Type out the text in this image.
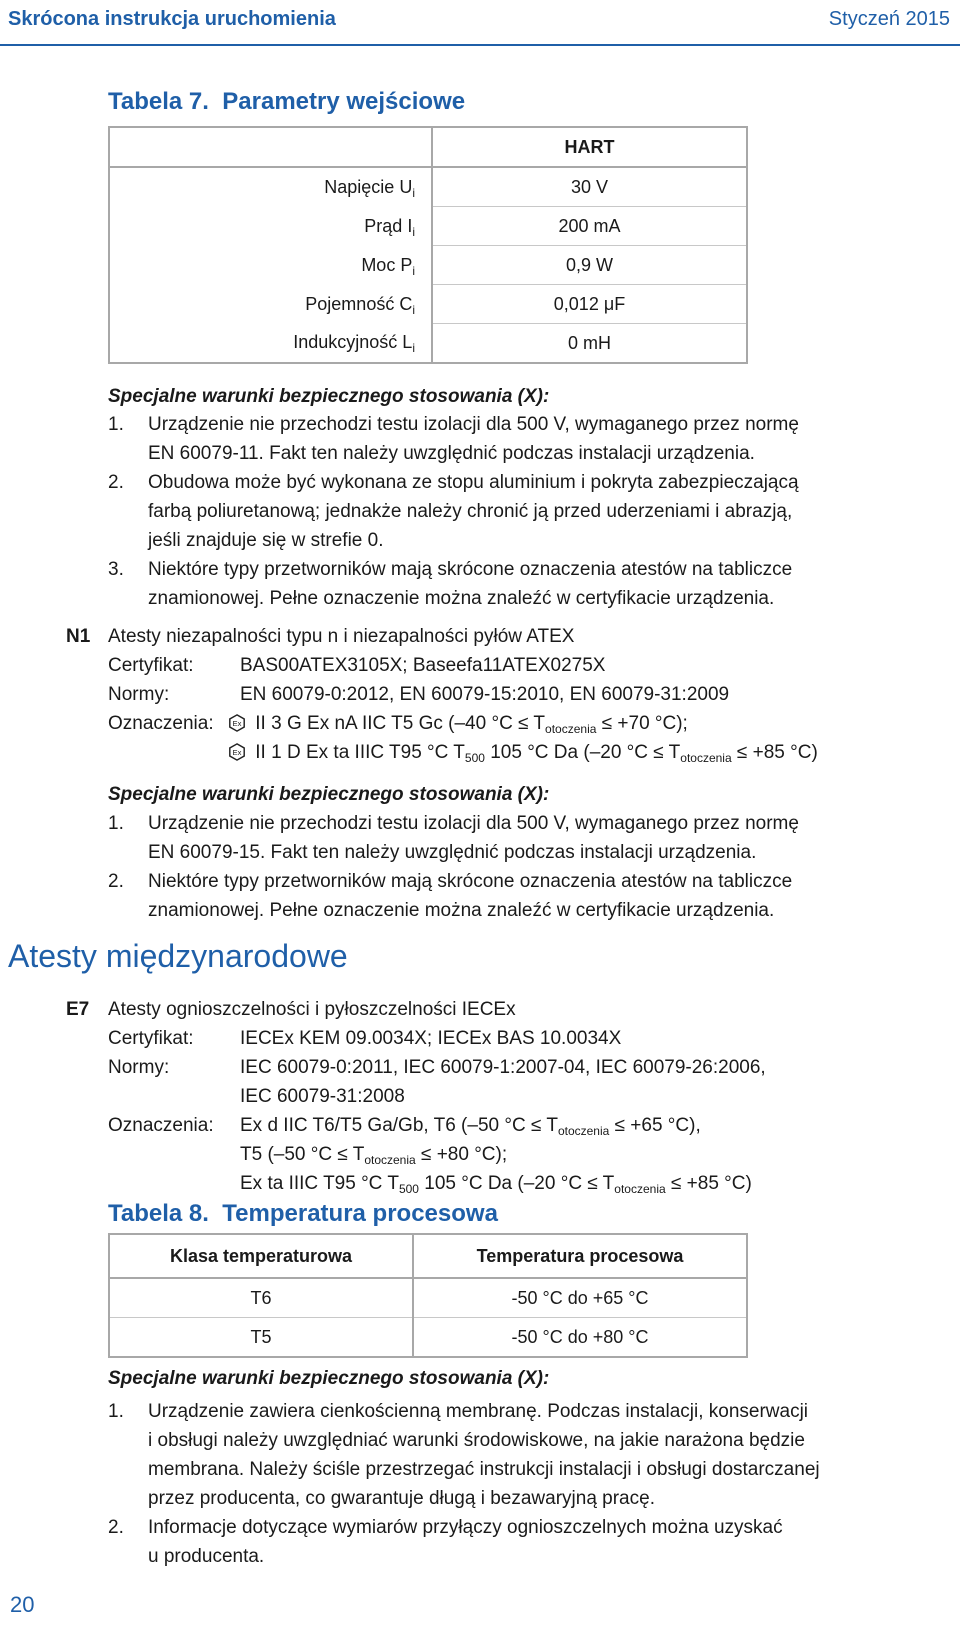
Skrócona instrukcja uruchomienia	Styczeń 2015
Tabela 7. Parametry wejściowe
	HART
Napięcie $U_i$	30 V
Prąd $I_i$	200 mA
Moc $P_i$	0,9 W
Pojemność $C_i$	0,012 μF
Indukcyjność $L_i$	0 mH
Specjalne warunki bezpiecznego stosowania (X):
1. Urządzenie nie przechodzi testu izolacji dla 500 V, wymaganego przez normę
EN 60079-11. Fakt ten należy uwzględnić podczas instalacji urządzenia.
2. Obudowa może być wykonana ze stopu aluminium i pokryta zabezpieczającą
farbą poliuretanową; jednakże należy chronić ją przed uderzeniami i abrazją,
jeśli znajduje się w strefie 0.
3. Niektóre typy przetworników mają skrócone oznaczenia atestów na tabliczce
znamionowej. Pełne oznaczenie można znaleźć w certyfikacie urządzenia.
N1 Atesty niezapalności typu n i niezapalności pyłów ATEX
Certyfikat: BAS00ATEX3105X; Baseefa11ATEX0275X
Normy:	EN 60079-0:2012, EN 60079-15:2010, EN 60079-31:2009
Oznaczenia: Ex II 3 G Ex nA IIC T5 Gc (–40 $^\circ C \le T_{otoczenia} \le +70$ °C);
Ex II 1 D Ex ta IIIC T95 °C $T_{500}$ 105 °C Da (–20 $^\circ C \le T_{otoczenia} \le +85$ °C)
Specjalne warunki bezpiecznego stosowania (X):
1. Urządzenie nie przechodzi testu izolacji dla 500 V, wymaganego przez normę
EN 60079-15. Fakt ten należy uwzględnić podczas instalacji urządzenia.
2. Niektóre typy przetworników mają skrócone oznaczenia atestów na tabliczce
znamionowej. Pełne oznaczenie można znaleźć w certyfikacie urządzenia.
Atesty międzynarodowe
E7 Atesty ognioszczelności i pyłoszczelności IECEx
Certyfikat: IECEx KEM 09.0034X; IECEx BAS 10.0034X
Normy:	IEC 60079-0:2011, IEC 60079-1:2007-04, IEC 60079-26:2006,
IEC 60079-31:2008
Oznaczenia: Ex d IIC T6/T5 Ga/Gb, T6 (–50 $^\circ C \le T_{otoczenia} \le +65$ °C),
T5 (–50 $^\circ C \le T_{otoczenia} \le +80$ °C);
Ex ta IIIC T95 °C $T_{500}$ 105 °C Da (–20 $^\circ C \le T_{otoczenia} \le +85$ °C)
Tabela 8. Temperatura procesowa
Klasa temperaturowa	Temperatura procesowa
T6	-50 °C do +65 °C
T5	-50 °C do +80 °C
Specjalne warunki bezpiecznego stosowania (X):
1. Urządzenie zawiera cienkościenną membranę. Podczas instalacji, konserwacji
i obsługi należy uwzględniać warunki środowiskowe, na jakie narażona będzie
membrana. Należy ściśle przestrzegać instrukcji instalacji i obsługi dostarczanej
przez producenta, co gwarantuje długą i bezawaryjną pracę.
2. Informacje dotyczące wymiarów przyłączy ognioszczelnych można uzyskać
u producenta.
20
